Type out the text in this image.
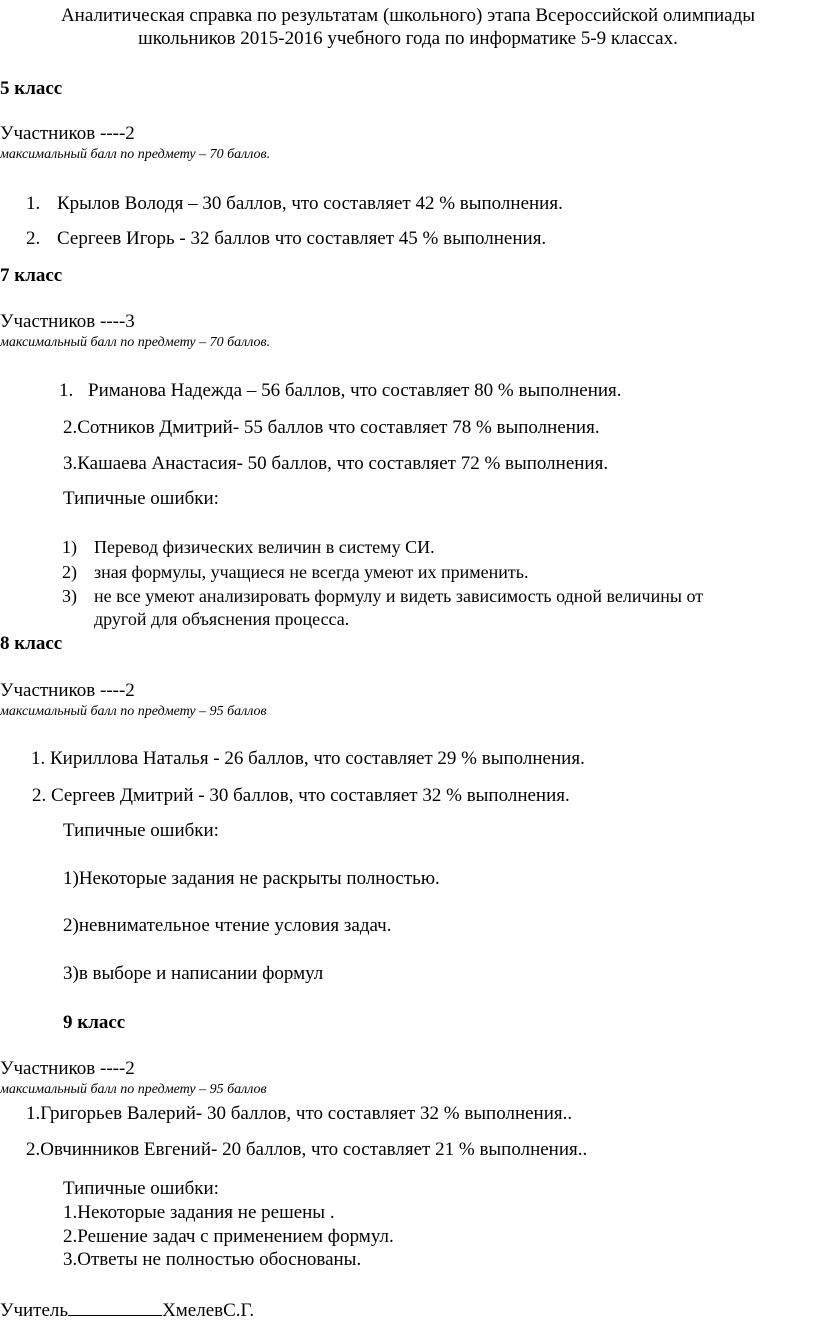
Аналитическая справка по результатам (школьного) этапа Всероссийской олимпиады
школьников 2015-2016 учебного года по информатике 5-9 классах.
5 класс
Участников ----2
максимальный балл по предмету – 70 баллов.
1. Крылов Володя – 30 баллов, что составляет 42 % выполнения.
2. Сергеев Игорь - 32 баллов что составляет 45 % выполнения.
7 класс
Участников ----3
максимальный балл по предмету – 70 баллов.
1. Риманова Надежда – 56 баллов, что составляет 80 % выполнения.
2.Сотников Дмитрий- 55 баллов что составляет 78 % выполнения.
3.Кашаева Анастасия- 50 баллов, что составляет 72 % выполнения.
Типичные ошибки:
1) Перевод физических величин в систему СИ.
2) зная формулы, учащиеся не всегда умеют их применить.
3) не все умеют анализировать формулу и видеть зависимость одной величины от
другой для объяснения процесса.
8 класс
Участников ----2
максимальный балл по предмету – 95 баллов
1. Кириллова Наталья - 26 баллов, что составляет 29 % выполнения.
2. Сергеев Дмитрий - 30 баллов, что составляет 32 % выполнения.
Типичные ошибки:
1)Некоторые задания не раскрыты полностью.
2)невнимательное чтение условия задач.
3)в выборе и написании формул
9 класс
Участников ----2
максимальный балл по предмету – 95 баллов
1.Григорьев Валерий- 30 баллов, что составляет 32 % выполнения..
2.Овчинников Евгений- 20 баллов, что составляет 21 % выполнения..
Типичные ошибки:
1.Некоторые задания не решены .
2.Решение задач с применением формул.
3.Ответы не полностью обоснованы.
Учитель	ХмелевС.Г.
